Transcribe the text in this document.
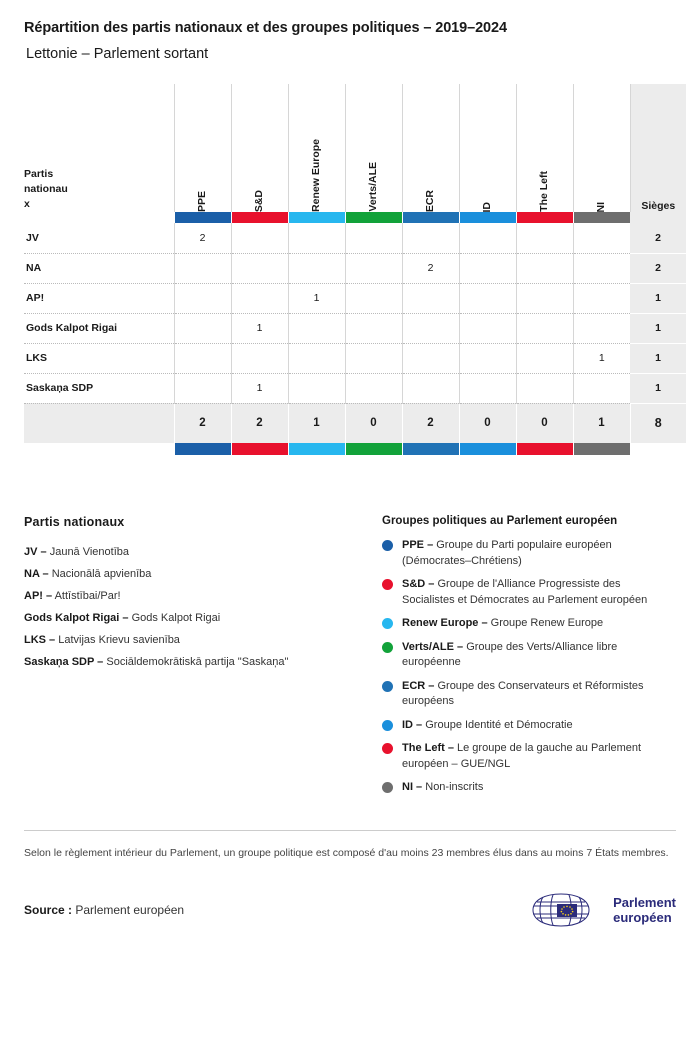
Répartition des partis nationaux et des groupes politiques – 2019–2024
Lettonie – Parlement sortant
Partis
nationau
x	PPE	S&D	Renew Europe	Verts/ALE	ECR	ID	The Left	NI	Sièges

JV	2								2
NA					2				2
AP!			1						1
Gods Kalpot Rigai		1							1
LKS								1	1
Saskaņa SDP		1							1
	2	2	1	0	2	0	0	1	8

Partis nationaux
JV – Jaunā Vienotība
NA – Nacionālā apvienība
AP! – Attīstībai/Par!
Gods Kalpot Rigai – Gods Kalpot Rigai
LKS – Latvijas Krievu savienība
Saskaņa SDP – Sociāldemokrātiskā partija "Saskaņa"
Groupes politiques au Parlement européen
PPE – Groupe du Parti populaire européen (Démocrates–Chrétiens)
S&D – Groupe de l'Alliance Progressiste des Socialistes et Démocrates au Parlement européen
Renew Europe – Groupe Renew Europe
Verts/ALE – Groupe des Verts/Alliance libre européenne
ECR – Groupe des Conservateurs et Réformistes européens
ID – Groupe Identité et Démocratie
The Left – Le groupe de la gauche au Parlement européen – GUE/NGL
NI – Non-inscrits
Selon le règlement intérieur du Parlement, un groupe politique est composé d'au moins 23 membres élus dans au moins 7 États membres.
Source : Parlement européen	Parlement
européen
